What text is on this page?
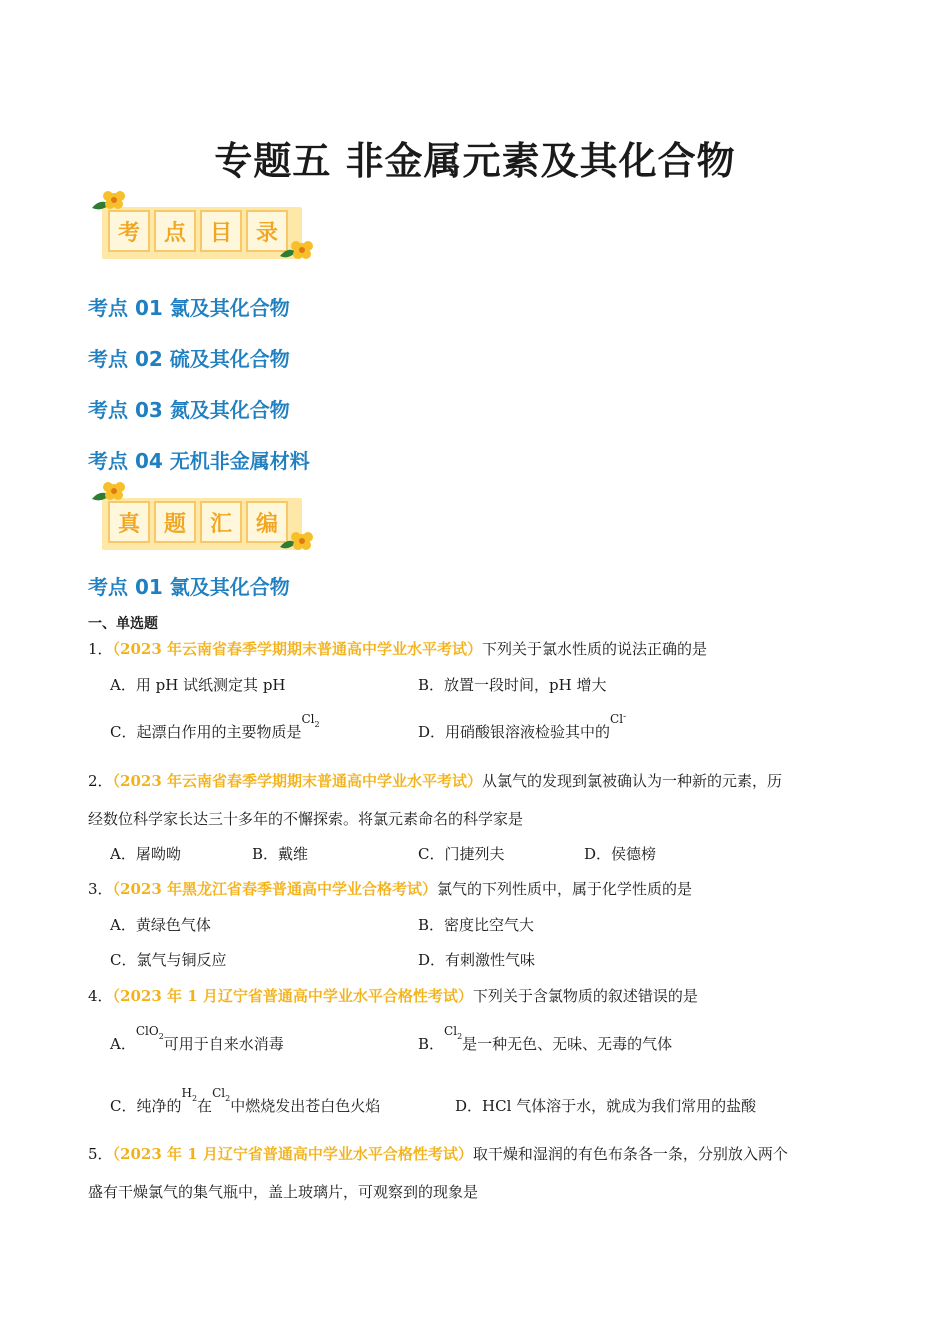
专题五 非金属元素及其化合物
考	点	目	录
考点 01 氯及其化合物
考点 02 硫及其化合物
考点 03 氮及其化合物
考点 04 无机非金属材料
真	题	汇	编
考点 01 氯及其化合物
一、单选题
1．（2023 年云南省春季学期期末普通高中学业水平考试）下列关于氯水性质的说法正确的是
A．用 pH 试纸测定其 pH	B．放置一段时间，pH 增大
C．起漂白作用的主要物质是$^{Cl_2}$	D．用硝酸银溶液检验其中的$^{Cl^-}$
2．（2023 年云南省春季学期期末普通高中学业水平考试）从氯气的发现到氯被确认为一种新的元素，历
经数位科学家长达三十多年的不懈探索。将氯元素命名的科学家是
A．屠呦呦	B．戴维	C．门捷列夫	D．侯德榜
3．（2023 年黑龙江省春季普通高中学业合格考试）氯气的下列性质中，属于化学性质的是
A．黄绿色气体	B．密度比空气大
C．氯气与铜反应	D．有刺激性气味
4．（2023 年 1 月辽宁省普通高中学业水平合格性考试）下列关于含氯物质的叙述错误的是
A．$^{ClO_2}$可用于自来水消毒	B．$^{Cl_2}$是一种无色、无味、无毒的气体
C．纯净的$^{H_2}$在$^{Cl_2}$中燃烧发出苍白色火焰	D．HCl 气体溶于水，就成为我们常用的盐酸
5．（2023 年 1 月辽宁省普通高中学业水平合格性考试）取干燥和湿润的有色布条各一条，分别放入两个
盛有干燥氯气的集气瓶中，盖上玻璃片，可观察到的现象是
